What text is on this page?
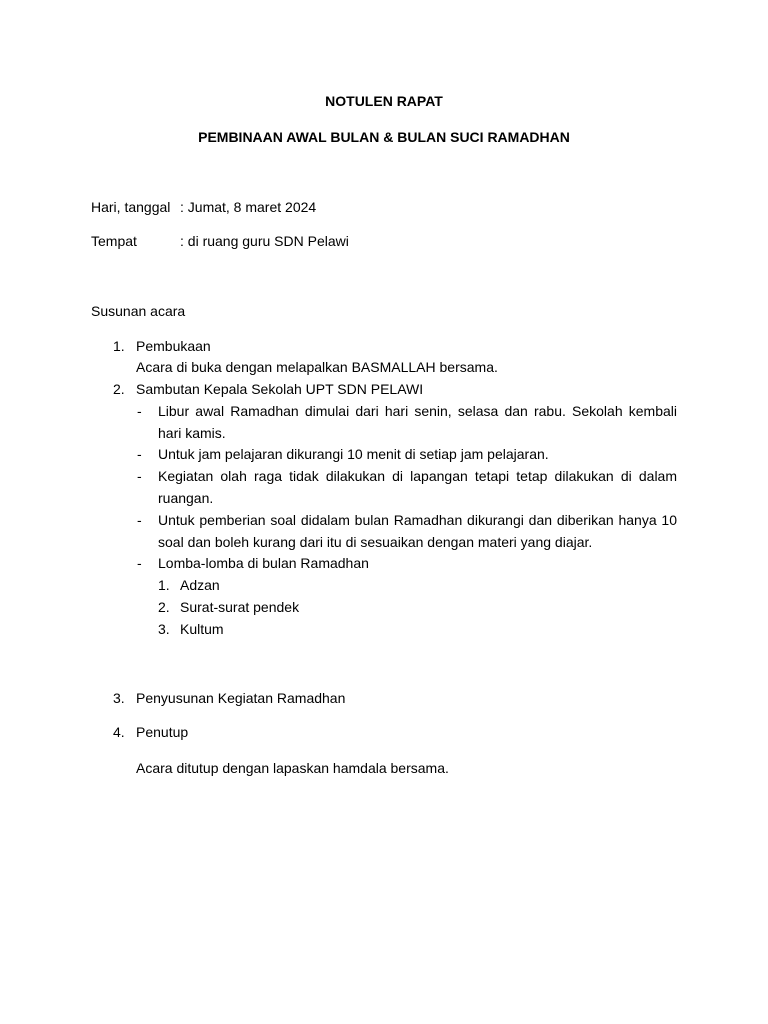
NOTULEN RAPAT
PEMBINAAN AWAL BULAN & BULAN SUCI RAMADHAN
Hari, tanggal : Jumat, 8 maret 2024
Tempat	: di ruang guru SDN Pelawi
Susunan acara
1. Pembukaan
Acara di buka dengan melapalkan BASMALLAH bersama.
2. Sambutan Kepala Sekolah UPT SDN PELAWI
- Libur awal Ramadhan dimulai dari hari senin, selasa dan rabu. Sekolah kembali hari kamis.
- Untuk jam pelajaran dikurangi 10 menit di setiap jam pelajaran.
- Kegiatan olah raga tidak dilakukan di lapangan tetapi tetap dilakukan di dalam ruangan.
- Untuk pemberian soal didalam bulan Ramadhan dikurangi dan diberikan hanya 10 soal dan boleh kurang dari itu di sesuaikan dengan materi yang diajar.
- Lomba-lomba di bulan Ramadhan
1. Adzan
2. Surat-surat pendek
3. Kultum
3. Penyusunan Kegiatan Ramadhan
4. Penutup
Acara ditutup dengan lapaskan hamdala bersama.
